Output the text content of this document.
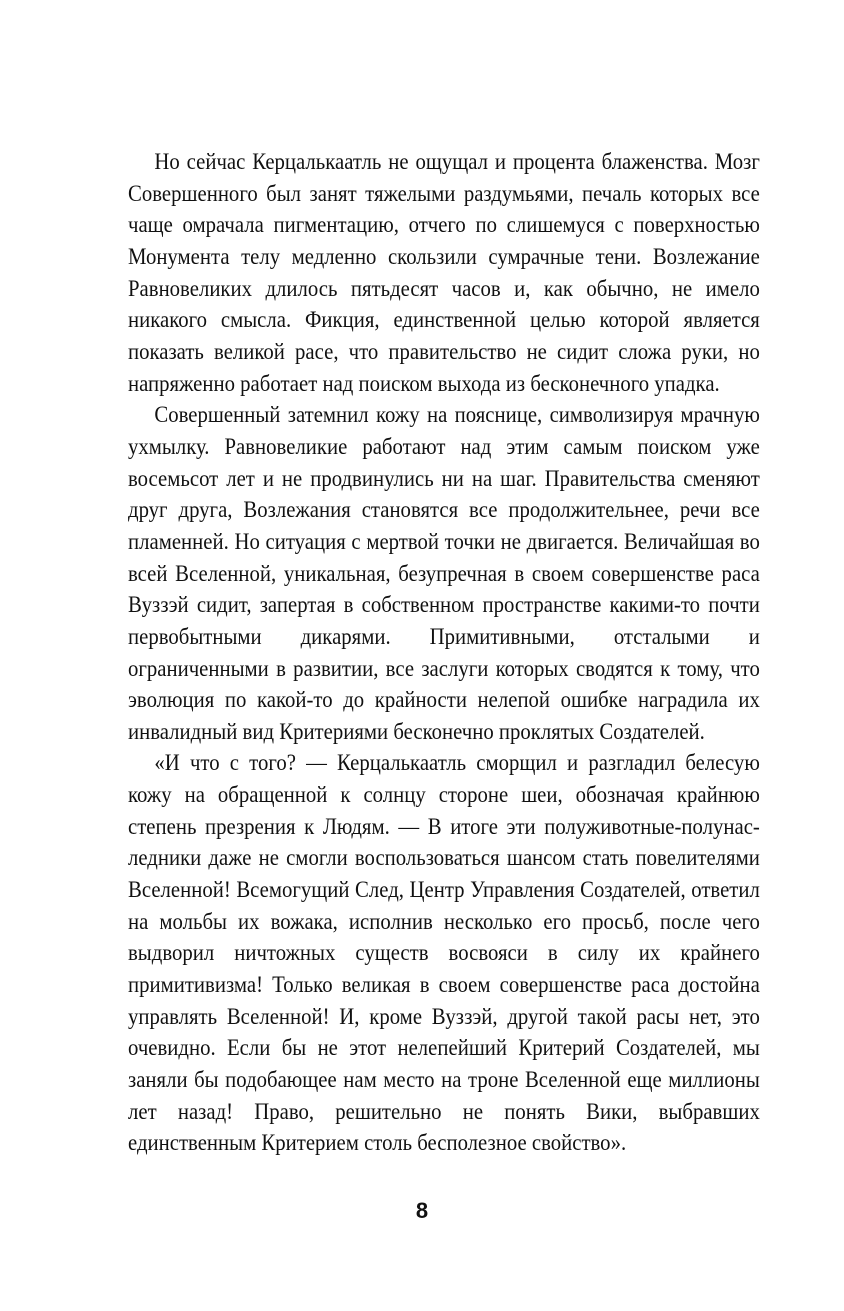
Но сейчас Керцалькаатль не ощущал и процента блаженства. Мозг Совершенного был занят тяжелыми раздумьями, печаль которых все чаще омрачала пигментацию, отчего по слишемуся с поверхностью Монумента телу медленно скользили сумрачные тени. Возлежание Равновеликих длилось пятьдесят часов и, как обычно, не имело никакого смысла. Фикция, единственной целью которой является показать великой расе, что правительство не сидит сложа руки, но напряженно работает над поиском выхода из бесконечного упадка.

Совершенный затемнил кожу на пояснице, символизируя мрачную ухмылку. Равновеликие работают над этим самым поиском уже восемьсот лет и не продвинулись ни на шаг. Правительства сменяют друг друга, Возлежания становятся все продолжительнее, речи все пламенней. Но ситуация с мертвой точки не двигается. Величайшая во всей Вселенной, уникальная, безупречная в своем совершенстве раса Вуззэй сидит, запертая в собственном пространстве какими-то почти первобытными дикарями. Примитивными, отсталыми и ограниченными в развитии, все заслуги которых сводятся к тому, что эволюция по какой-то до крайности нелепой ошибке наградила их инвалидный вид Критериями бесконечно проклятых Создателей.

«И что с того? — Керцалькаатль сморщил и разгладил белесую кожу на обращенной к солнцу стороне шеи, обозначая крайнюю степень презрения к Людям. — В итоге эти полуживотные-полунаследники даже не смогли воспользоваться шансом стать повелителями Вселенной! Всемогущий След, Центр Управления Создателей, ответил на мольбы их вожака, исполнив несколько его просьб, после чего выдворил ничтожных существ восвояси в силу их крайнего примитивизма! Только великая в своем совершенстве раса достойна управлять Вселенной! И, кроме Вуззэй, другой такой расы нет, это очевидно. Если бы не этот нелепейший Критерий Создателей, мы заняли бы подобающее нам место на троне Вселенной еще миллионы лет назад! Право, решительно не понять Вики, выбравших единственным Критерием столь бесполезное свойство».

8
